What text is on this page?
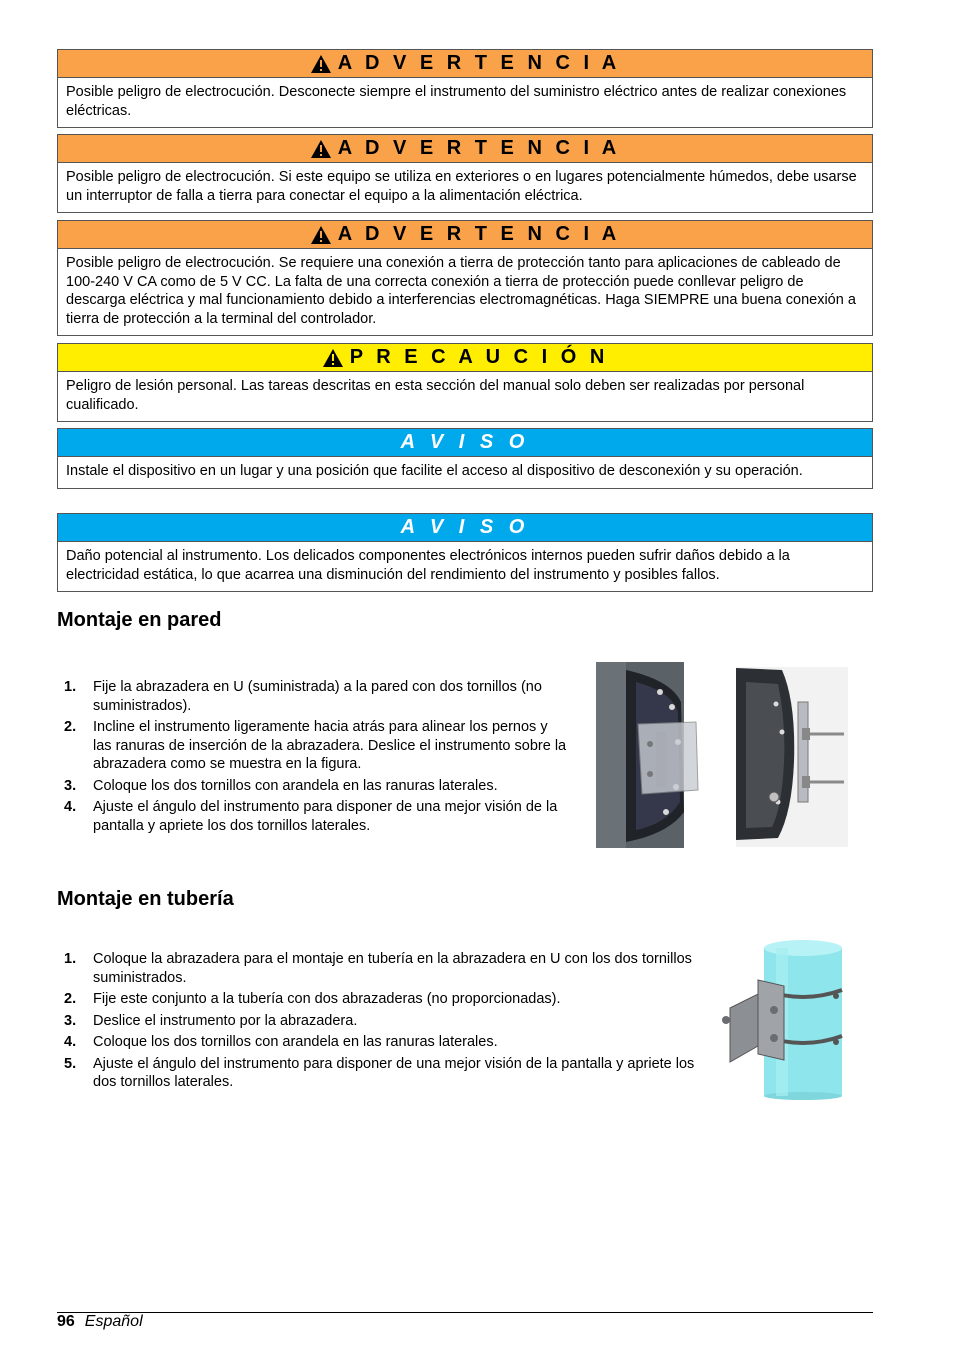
A D V E R T E N C I A
Posible peligro de electrocución. Desconecte siempre el instrumento del suministro eléctrico antes de realizar conexiones eléctricas.
A D V E R T E N C I A
Posible peligro de electrocución. Si este equipo se utiliza en exteriores o en lugares potencialmente húmedos, debe usarse un interruptor de falla a tierra para conectar el equipo a la alimentación eléctrica.
A D V E R T E N C I A
Posible peligro de electrocución. Se requiere una conexión a tierra de protección tanto para aplicaciones de cableado de 100-240 V CA como de 5 V CC. La falta de una correcta conexión a tierra de protección puede conllevar peligro de descarga eléctrica y mal funcionamiento debido a interferencias electromagnéticas. Haga SIEMPRE una buena conexión a tierra de protección a la terminal del controlador.
P R E C A U C I Ó N
Peligro de lesión personal. Las tareas descritas en esta sección del manual solo deben ser realizadas por personal cualificado.
A V I S O
Instale el dispositivo en un lugar y una posición que facilite el acceso al dispositivo de desconexión y su operación.
A V I S O
Daño potencial al instrumento. Los delicados componentes electrónicos internos pueden sufrir daños debido a la electricidad estática, lo que acarrea una disminución del rendimiento del instrumento y posibles fallos.
Montaje en pared
1.	Fije la abrazadera en U (suministrada) a la pared con dos tornillos (no suministrados).
2.	Incline el instrumento ligeramente hacia atrás para alinear los pernos y las ranuras de inserción de la abrazadera. Deslice el instrumento sobre la abrazadera como se muestra en la figura.
3.	Coloque los dos tornillos con arandela en las ranuras laterales.
4.	Ajuste el ángulo del instrumento para disponer de una mejor visión de la pantalla y apriete los dos tornillos laterales.
Montaje en tubería
1.	Coloque la abrazadera para el montaje en tubería en la abrazadera en U con los dos tornillos suministrados.
2.	Fije este conjunto a la tubería con dos abrazaderas (no proporcionadas).
3.	Deslice el instrumento por la abrazadera.
4.	Coloque los dos tornillos con arandela en las ranuras laterales.
5.	Ajuste el ángulo del instrumento para disponer de una mejor visión de la pantalla y apriete los dos tornillos laterales.
96 Español
